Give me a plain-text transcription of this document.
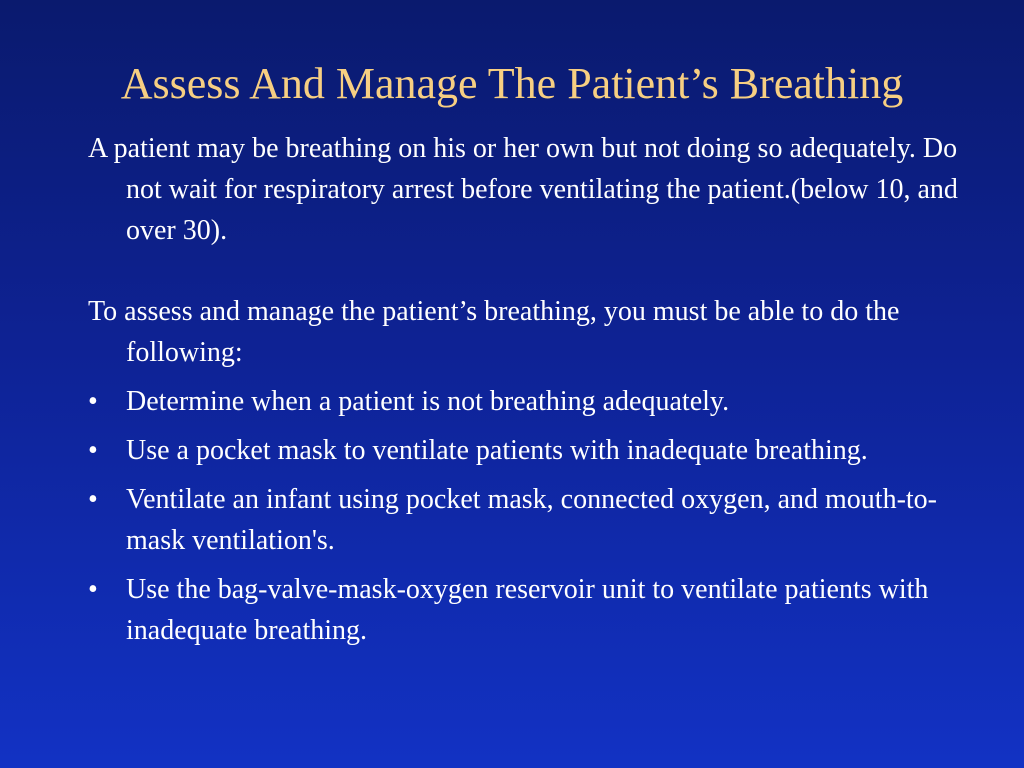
Assess And Manage The Patient’s Breathing

A patient may be breathing on his or her own but not doing so adequately. Do not wait for respiratory arrest before ventilating the patient.(below 10, and over 30).

To assess and manage the patient’s breathing, you must be able to do the following:

• Determine when a patient is not breathing adequately.
• Use a pocket mask to ventilate patients with inadequate breathing.
• Ventilate an infant using pocket mask, connected oxygen, and mouth-to-mask ventilation's.
• Use the bag-valve-mask-oxygen reservoir unit to ventilate patients with inadequate breathing.
